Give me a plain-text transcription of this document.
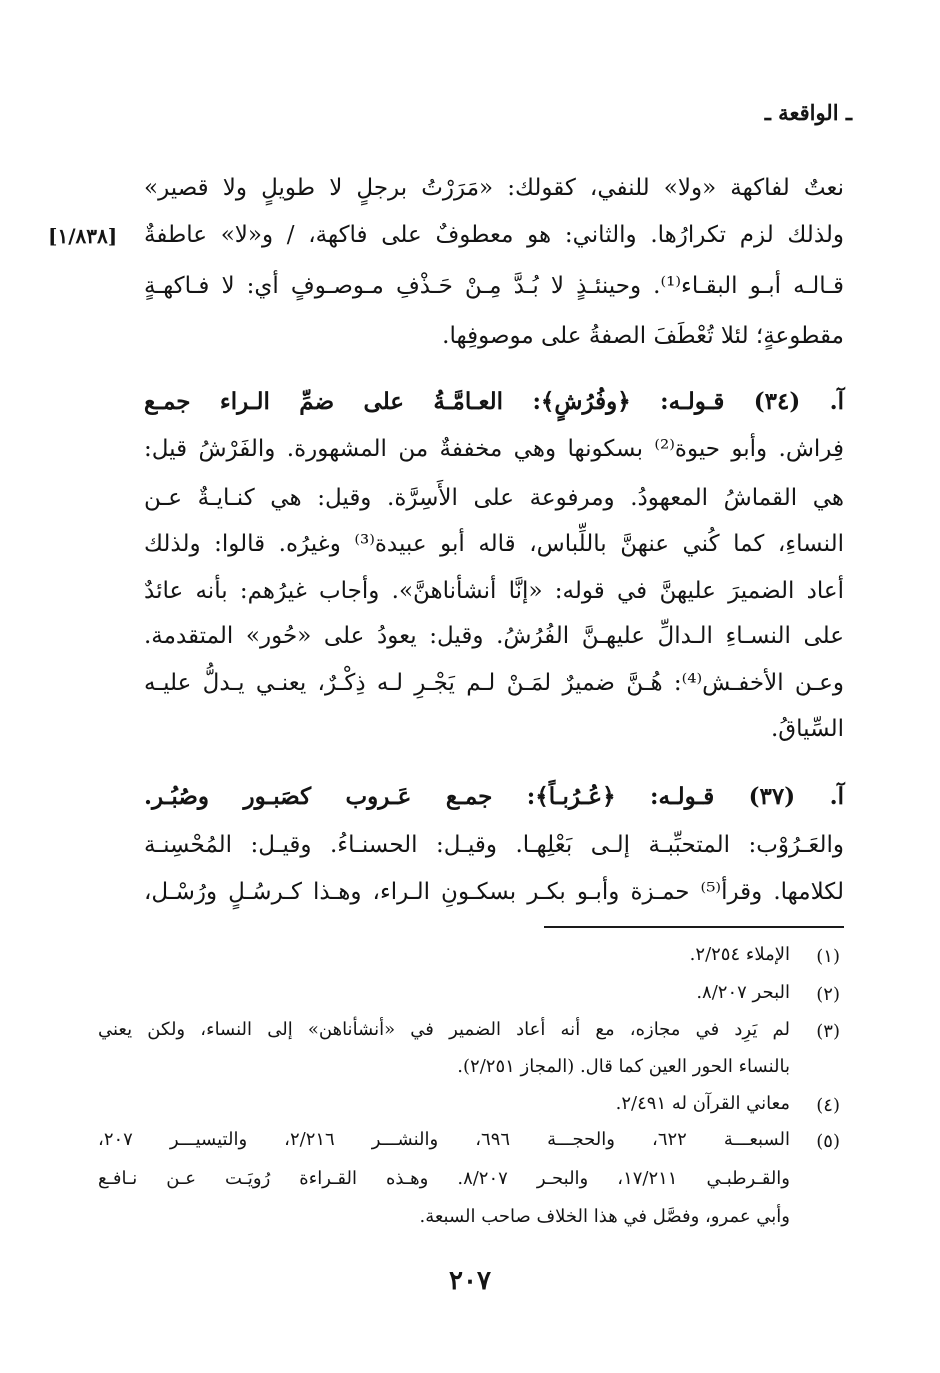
ـ الواقعة ـ
[١/٨٣٨]
نعتٌ لفاكهة «ولا» للنفي، كقولك: «مَرَرْتُ برجلٍ لا طويلٍ ولا قصير»
ولذلك لزم تكرارُها. والثاني: هو معطوفٌ على فاكهة، / و«لا» عاطفةٌ
قـالـه أبـو البقـاء⁽¹⁾. وحينئـذٍ لا بُـدَّ مِـنْ حَـذْفِ مـوصـوفٍ أي: لا فـاكهـةٍ
مقطوعةٍ؛ لئلا تُعْطَفَ الصفةُ على موصوفِها.
آ. (٣٤) قـولـه: ﴿وفُرُشٍ﴾: العـامَّـةُ على ضمِّ الـراء جمـع
فِراش. وأبو حيوة⁽²⁾ بسكونها وهي مخففةٌ من المشهورة. والفَرْشُ قيل:
هي القماشُ المعهودُ. ومرفوعة على الأَسِرَّة. وقيل: هي كنـايـةٌ عـن
النساءِ، كما كُني عنهنَّ باللِّباس، قاله أبو عبيدة⁽³⁾ وغيرُه. قالوا: ولذلك
أعاد الضميرَ عليهنَّ في قوله: «إنَّا أنشأناهنَّ». وأجاب غيرُهم: بأنه عائدٌ
على النسـاءِ الـدالِّ عليهـنَّ الفُرُشُ. وقيل: يعودُ على «حُور» المتقدمة.
وعـن الأخفـش⁽⁴⁾: هُـنَّ ضميرٌ لمَـنْ لـم يَجْـرِ لـه ذِكْـرٌ، يعنـي يـدلُّ عليـه
السِّياقُ.
آ. (٣٧) قـولـه: ﴿عُـرُبـاً﴾: جمـع عَـروب كصَبـور وصُبُـر.
والعَـرُوْب: المتحبِّبـة إلـى بَعْلِهـا. وقيـل: الحسنـاءُ. وقيـل: المُحْسِنـة
لكلامها. وقرأ⁽⁵⁾ حمـزة وأبـو بكـر بسكـونِ الـراء، وهـذا كـرسُـلٍ ورُسْـل،
(١)
الإملاء ٢/٢٥٤.
(٢)
البحر ٨/٢٠٧.
(٣)
لم يَرِد في مجازه، مع أنه أعاد الضمير في «أنشأناهن» إلى النساء، ولكن يعني
بالنساء الحور العين كما قال. (المجاز ٢/٢٥١).
(٤)
معاني القرآن له ٢/٤٩١.
(٥)
السبعـــة ٦٢٢، والحجـــة ٦٩٦، والنشـــر ٢/٢١٦، والتيسيـــر ٢٠٧،
والقـرطبـي ١٧/٢١١، والبحـر ٨/٢٠٧. وهـذه القـراءة رُويَـت عـن نـافـع
وأبي عمرو، وفصَّل في هذا الخلاف صاحب السبعة.
٢٠٧
